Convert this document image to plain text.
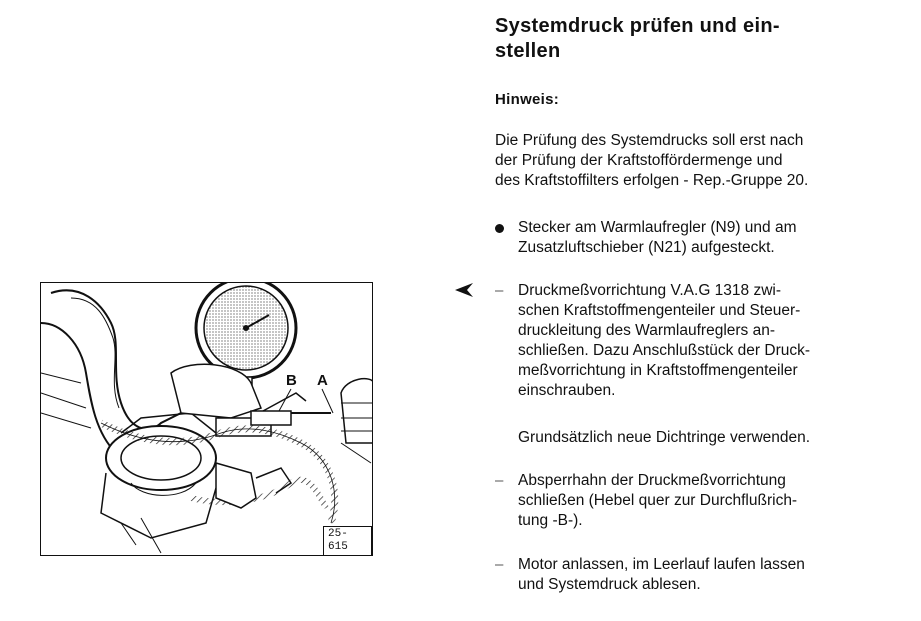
B A
25-615
Systemdruck prüfen und ein-
stellen
Hinweis:
Die Prüfung des Systemdrucks soll erst nach
der Prüfung der Kraftstoffördermenge und
des Kraftstoffilters erfolgen - Rep.-Gruppe 20.
Stecker am Warmlaufregler (N9) und am
Zusatzluftschieber (N21) aufgesteckt.
– Druckmeßvorrichtung V.A.G 1318 zwi-
schen Kraftstoffmengenteiler und Steuer-
druckleitung des Warmlaufreglers an-
schließen. Dazu Anschlußstück der Druck-
meßvorrichtung in Kraftstoffmengenteiler
einschrauben.
Grundsätzlich neue Dichtringe verwenden.
– Absperrhahn der Druckmeßvorrichtung
schließen (Hebel quer zur Durchflußrich-
tung -B-).
– Motor anlassen, im Leerlauf laufen lassen
und Systemdruck ablesen.
